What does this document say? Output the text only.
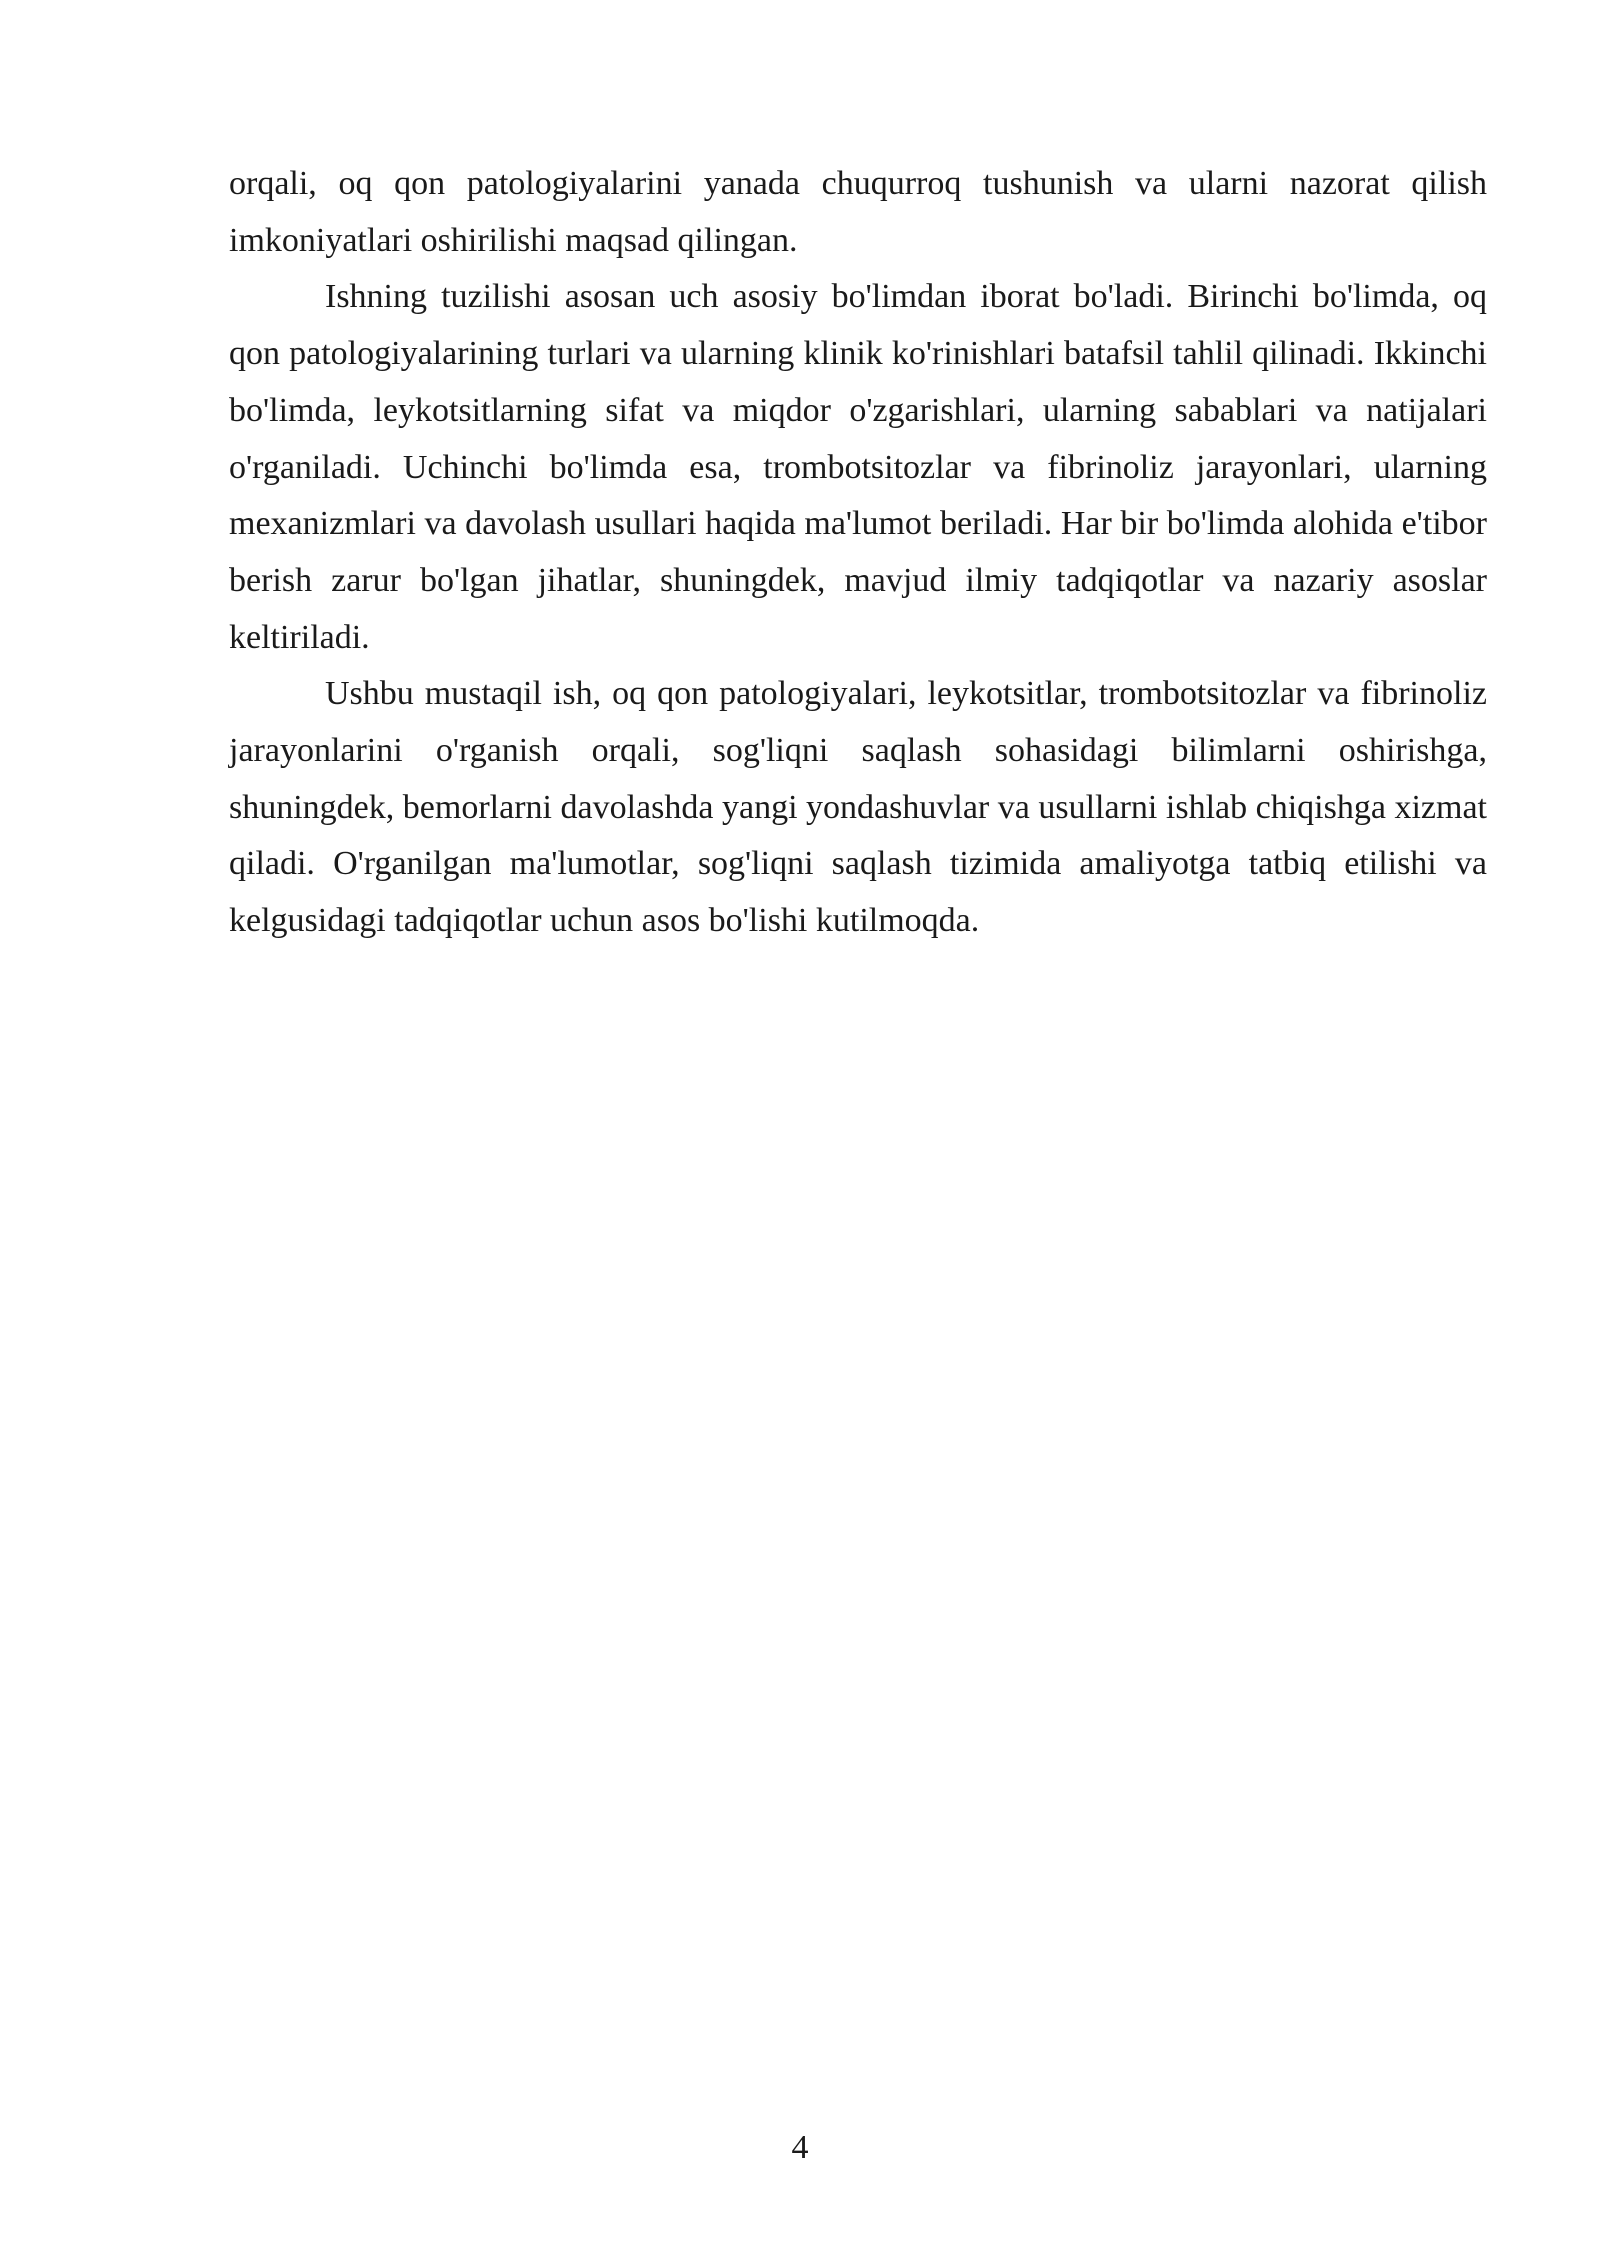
orqali, oq qon patologiyalarini yanada chuqurroq tushunish va ularni nazorat qilish imkoniyatlari oshirilishi maqsad qilingan.

Ishning tuzilishi asosan uch asosiy bo'limdan iborat bo'ladi. Birinchi bo'limda, oq qon patologiyalarining turlari va ularning klinik ko'rinishlari batafsil tahlil qilinadi. Ikkinchi bo'limda, leykotsitlarning sifat va miqdor o'zgarishlari, ularning sabablari va natijalari o'rganiladi. Uchinchi bo'limda esa, trombotsitozlar va fibrinoliz jarayonlari, ularning mexanizmlari va davolash usullari haqida ma'lumot beriladi. Har bir bo'limda alohida e'tibor berish zarur bo'lgan jihatlar, shuningdek, mavjud ilmiy tadqiqotlar va nazariy asoslar keltiriladi.

Ushbu mustaqil ish, oq qon patologiyalari, leykotsitlar, trombotsitozlar va fibrinoliz jarayonlarini o'rganish orqali, sog'liqni saqlash sohasidagi bilimlarni oshirishga, shuningdek, bemorlarni davolashda yangi yondashuvlar va usullarni ishlab chiqishga xizmat qiladi. O'rganilgan ma'lumotlar, sog'liqni saqlash tizimida amaliyotga tatbiq etilishi va kelgusidagi tadqiqotlar uchun asos bo'lishi kutilmoqda.

4
